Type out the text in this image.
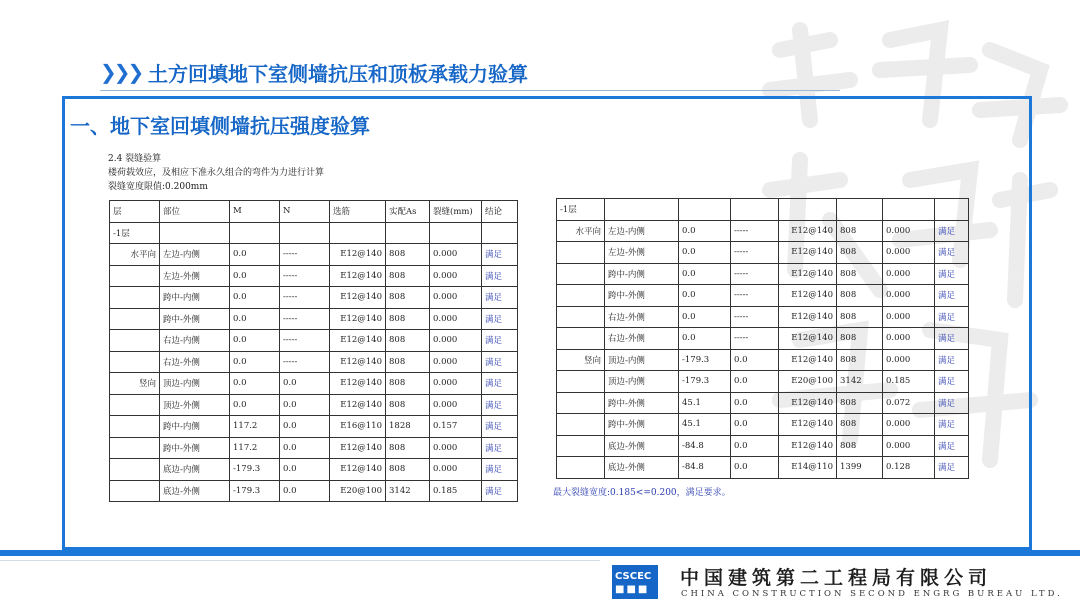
❯❯❯ 土方回填地下室侧墙抗压和顶板承载力验算
一、地下室回填侧墙抗压强度验算
2.4 裂缝验算
楼荷载效应，及相应下准永久组合的弯件为力进行计算
裂缝宽度限值:0.200mm
层	部位	M	N	选筋	实配As	裂缝(mm)	结论
-1层							
水平向	左边-内侧	0.0	-----	E12@140	808	0.000	满足
	左边-外侧	0.0	-----	E12@140	808	0.000	满足
	跨中-内侧	0.0	-----	E12@140	808	0.000	满足
	跨中-外侧	0.0	-----	E12@140	808	0.000	满足
	右边-内侧	0.0	-----	E12@140	808	0.000	满足
	右边-外侧	0.0	-----	E12@140	808	0.000	满足
竖向	顶边-内侧	0.0	0.0	E12@140	808	0.000	满足
	顶边-外侧	0.0	0.0	E12@140	808	0.000	满足
	跨中-内侧	117.2	0.0	E16@110	1828	0.157	满足
	跨中-外侧	117.2	0.0	E12@140	808	0.000	满足
	底边-内侧	-179.3	0.0	E12@140	808	0.000	满足
	底边-外侧	-179.3	0.0	E20@100	3142	0.185	满足
-1层							
水平向	左边-内侧	0.0	-----	E12@140	808	0.000	满足
	左边-外侧	0.0	-----	E12@140	808	0.000	满足
	跨中-内侧	0.0	-----	E12@140	808	0.000	满足
	跨中-外侧	0.0	-----	E12@140	808	0.000	满足
	右边-外侧	0.0	-----	E12@140	808	0.000	满足
	右边-外侧	0.0	-----	E12@140	808	0.000	满足
竖向	顶边-内侧	-179.3	0.0	E12@140	808	0.000	满足
	顶边-内侧	-179.3	0.0	E20@100	3142	0.185	满足
	跨中-外侧	45.1	0.0	E12@140	808	0.072	满足
	跨中-外侧	45.1	0.0	E12@140	808	0.000	满足
	底边-外侧	-84.8	0.0	E12@140	808	0.000	满足
	底边-外侧	-84.8	0.0	E14@110	1399	0.128	满足
最大裂缝宽度:0.185<=0.200，满足要求。
CSCEC
■■■
中国建筑第二工程局有限公司
CHINA CONSTRUCTION SECOND ENGRG BUREAU LTD.
